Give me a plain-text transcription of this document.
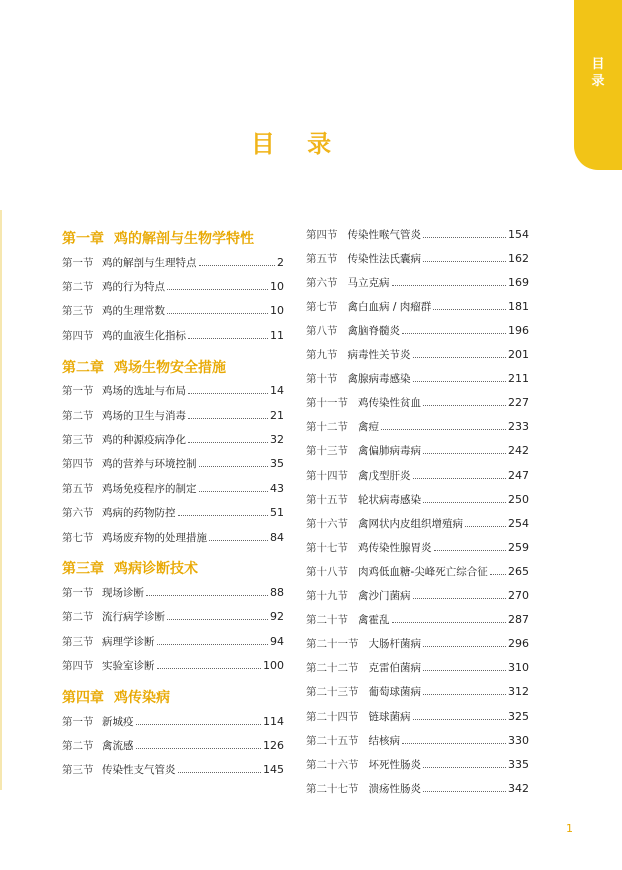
目 录
目 录
第一章 鸡的解剖与生物学特性
第一节 鸡的解剖与生理特点	2
第二节 鸡的行为特点	10
第三节 鸡的生理常数	10
第四节 鸡的血液生化指标	11
第二章 鸡场生物安全措施
第一节 鸡场的选址与布局	14
第二节 鸡场的卫生与消毒	21
第三节 鸡的种源疫病净化	32
第四节 鸡的营养与环境控制	35
第五节 鸡场免疫程序的制定	43
第六节 鸡病的药物防控	51
第七节 鸡场废弃物的处理措施	84
第三章 鸡病诊断技术
第一节 现场诊断	88
第二节 流行病学诊断	92
第三节 病理学诊断	94
第四节 实验室诊断	100
第四章 鸡传染病
第一节 新城疫	114
第二节 禽流感	126
第三节 传染性支气管炎	145
第四节 传染性喉气管炎	154
第五节 传染性法氏囊病	162
第六节 马立克病	169
第七节 禽白血病 / 肉瘤群	181
第八节 禽脑脊髓炎	196
第九节 病毒性关节炎	201
第十节 禽腺病毒感染	211
第十一节 鸡传染性贫血	227
第十二节 禽痘	233
第十三节 禽偏肺病毒病	242
第十四节 禽戊型肝炎	247
第十五节 轮状病毒感染	250
第十六节 禽网状内皮组织增殖病	254
第十七节 鸡传染性腺胃炎	259
第十八节 肉鸡低血糖-尖峰死亡综合征 265
第十九节 禽沙门菌病	270
第二十节 禽霍乱	287
第二十一节 大肠杆菌病	296
第二十二节 克雷伯菌病	310
第二十三节 葡萄球菌病	312
第二十四节 链球菌病	325
第二十五节 结核病	330
第二十六节 坏死性肠炎	335
第二十七节 溃疡性肠炎	342
1
